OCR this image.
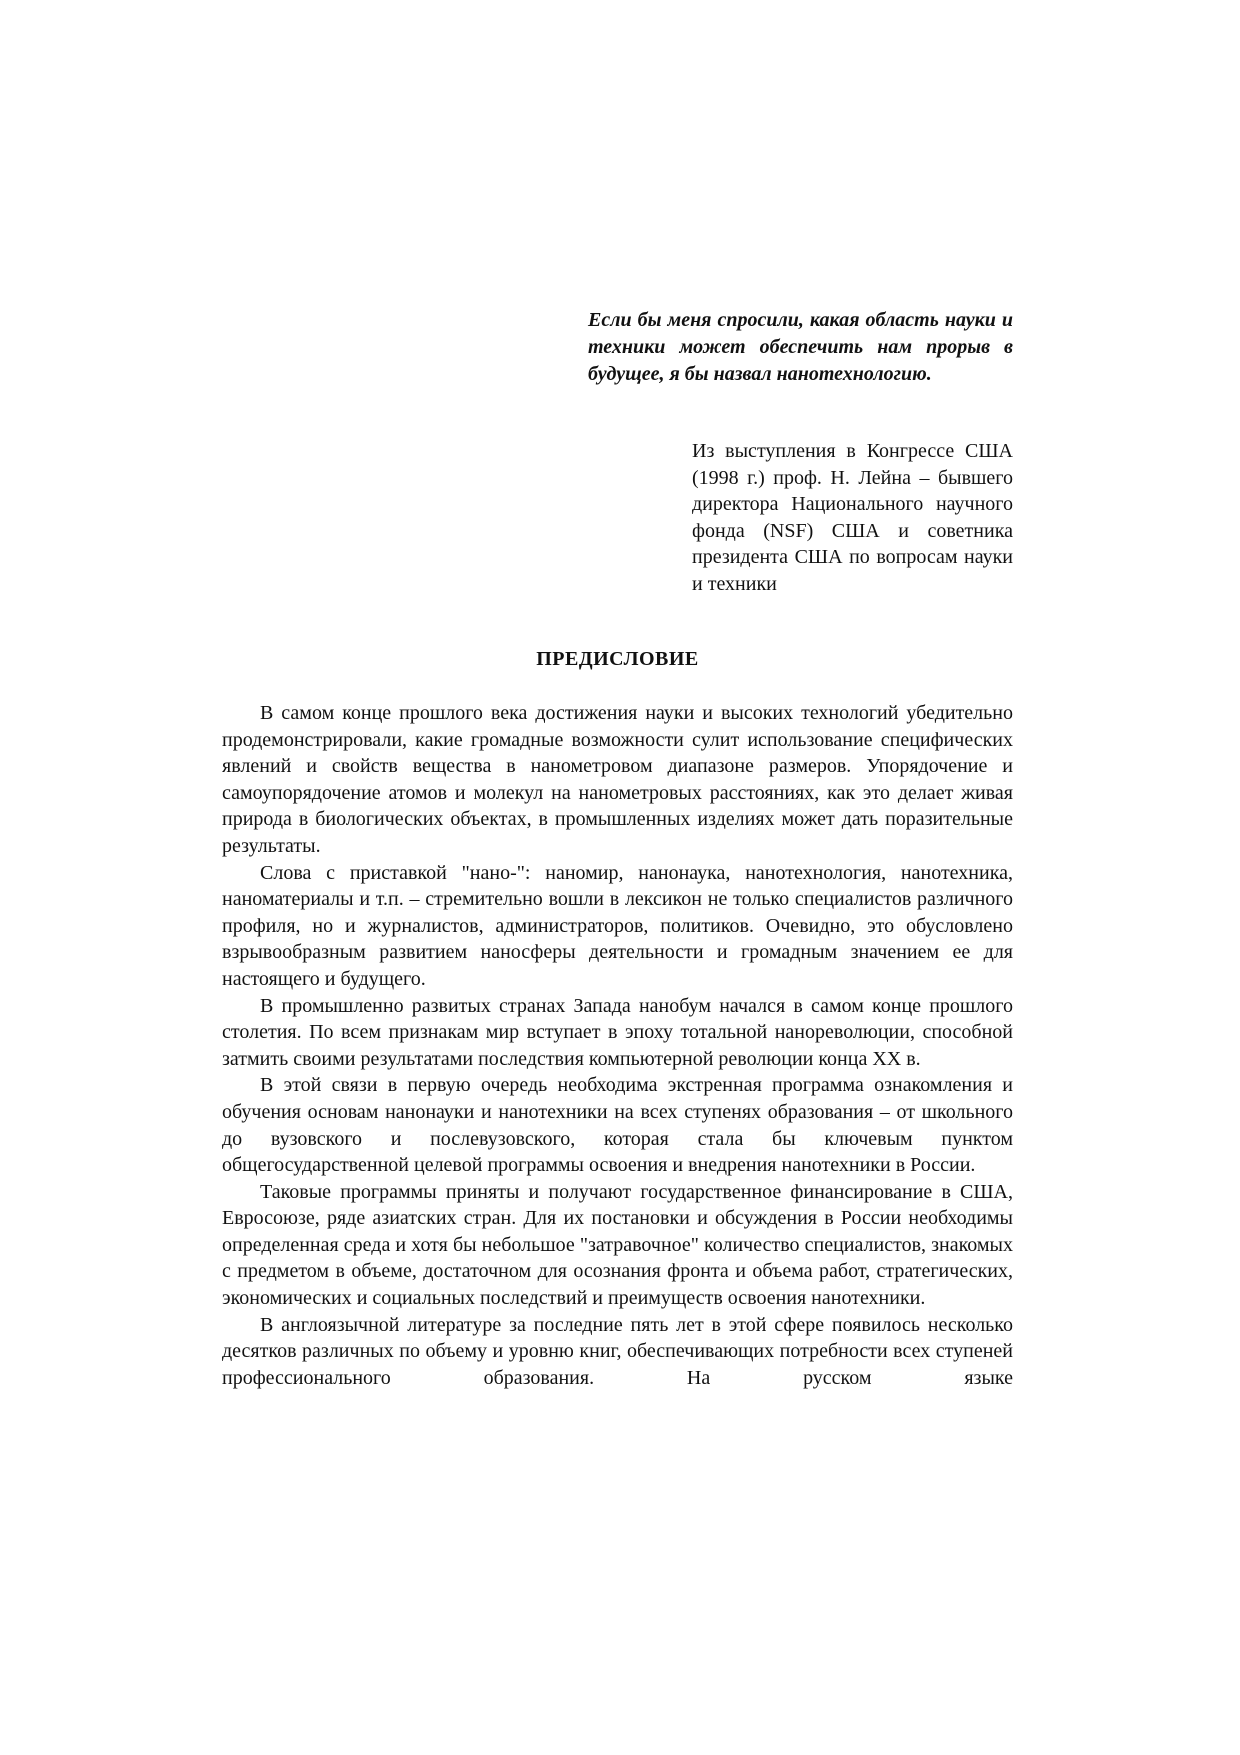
Если бы меня спросили, какая область науки и техники может обеспечить нам прорыв в будущее, я бы назвал нанотехнологию.

Из выступления в Конгрессе США (1998 г.) проф. Н. Лейна – бывшего директора Национального научного фонда (NSF) США и советника президента США по вопросам науки и техники

ПРЕДИСЛОВИЕ

В самом конце прошлого века достижения науки и высоких технологий убедительно продемонстрировали, какие громадные возможности сулит использование специфических явлений и свойств вещества в нанометровом диапазоне размеров. Упорядочение и самоупорядочение атомов и молекул на нанометровых расстояниях, как это делает живая природа в биологических объектах, в промышленных изделиях может дать поразительные результаты.

Слова с приставкой "нано-": наномир, нанонаука, нанотехнология, нанотехника, наноматериалы и т.п. – стремительно вошли в лексикон не только специалистов различного профиля, но и журналистов, администраторов, политиков. Очевидно, это обусловлено взрывообразным развитием наносферы деятельности и громадным значением ее для настоящего и будущего.

В промышленно развитых странах Запада нанобум начался в самом конце прошлого столетия. По всем признакам мир вступает в эпоху тотальной нанореволюции, способной затмить своими результатами последствия компьютерной революции конца XX в.

В этой связи в первую очередь необходима экстренная программа ознакомления и обучения основам нанонауки и нанотехники на всех ступенях образования – от школьного до вузовского и послевузовского, которая стала бы ключевым пунктом общегосударственной целевой программы освоения и внедрения нанотехники в России.

Таковые программы приняты и получают государственное финансирование в США, Евросоюзе, ряде азиатских стран. Для их постановки и обсуждения в России необходимы определенная среда и хотя бы небольшое "затравочное" количество специалистов, знакомых с предметом в объеме, достаточном для осознания фронта и объема работ, стратегических, экономических и социальных последствий и преимуществ освоения нанотехники.

В англоязычной литературе за последние пять лет в этой сфере появилось несколько десятков различных по объему и уровню книг, обеспечивающих потребности всех ступеней профессионального образования. На русском языке
